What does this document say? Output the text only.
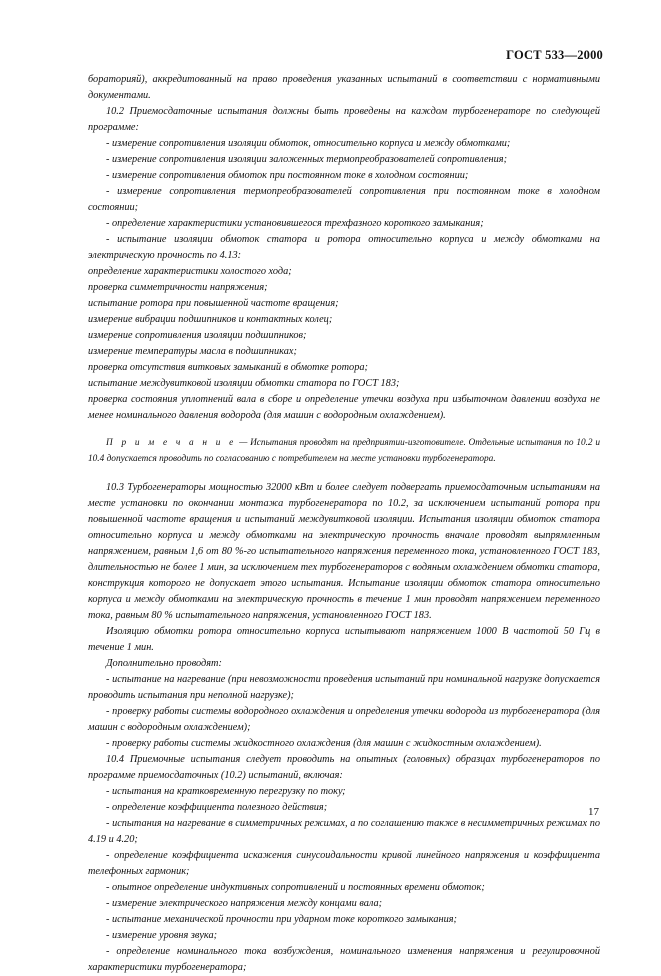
ГОСТ 533—2000

бораторияй), аккредитованный на право проведения указанных испытаний в соответствии с нормативными документами.

10.2 Приемосдаточные испытания должны быть проведены на каждом турбогенераторе по следующей программе:

- измерение сопротивления изоляции обмоток, относительно корпуса и между обмотками;

- измерение сопротивления изоляции заложенных термопреобразователей сопротивления;

- измерение сопротивления обмоток при постоянном токе в холодном состоянии;

- измерение сопротивления термопреобразователей сопротивления при постоянном токе в холодном состоянии;

- определение характеристики установившегося трехфазного короткого замыкания;

- испытание изоляции обмоток статора и ротора относительно корпуса и между обмотками на электрическую прочность по 4.13:

определение характеристики холостого хода;

проверка симметричности напряжения;

испытание ротора при повышенной частоте вращения;

измерение вибрации подшипников и контактных колец;

измерение сопротивления изоляции подшипников;

измерение температуры масла в подшипниках;

проверка отсутствия витковых замыканий в обмотке ротора;

испытание междувитковой изоляции обмотки статора по ГОСТ 183;

проверка состояния уплотнений вала в сборе и определение утечки воздуха при избыточном давлении воздуха не менее номинального давления водорода (для машин с водородным охлаждением).

П р и м е ч а н и е — Испытания проводят на предприятии-изготовителе. Отдельные испытания по 10.2 и 10.4 допускается проводить по согласованию с потребителем на месте установки турбогенератора.

10.3 Турбогенераторы мощностью 32000 кВт и более следует подвергать приемосдаточным испытаниям на месте установки по окончании монтажа турбогенератора по 10.2, за исключением испытаний ротора при повышенной частоте вращения и испытаний междувитковой изоляции. Испытания изоляции обмоток статора относительно корпуса и между обмотками на электрическую прочность вначале проводят выпрямленным напряжением, равным 1,6 от 80 %-го испытательного напряжения переменного тока, установленного ГОСТ 183, длительностью не более 1 мин, за исключением тех турбогенераторов с водяным охлаждением обмотки статора, конструкция которого не допускает этого испытания. Испытание изоляции обмоток статора относительно корпуса и между обмотками на электрическую прочность в течение 1 мин проводят напряжением переменного тока, равным 80 % испытательного напряжения, установленного ГОСТ 183.

Изоляцию обмотки ротора относительно корпуса испытывают напряжением 1000 В частотой 50 Гц в течение 1 мин.

Дополнительно проводят:

- испытание на нагревание (при невозможности проведения испытаний при номинальной нагрузке допускается проводить испытания при неполной нагрузке);

- проверку работы системы водородного охлаждения и определения утечки водорода из турбогенератора (для машин с водородным охлаждением);

- проверку работы системы жидкостного охлаждения (для машин с жидкостным охлаждением).

10.4 Приемочные испытания следует проводить на опытных (головных) образцах турбогенераторов по программе приемосдаточных (10.2) испытаний, включая:

- испытания на кратковременную перегрузку по току;

- определение коэффициента полезного действия;

- испытания на нагревание в симметричных режимах, а по соглашению также в несимметричных режимах по 4.19 и 4.20;

- определение коэффициента искажения синусоидальности кривой линейного напряжения и коэффициента телефонных гармоник;

- опытное определение индуктивных сопротивлений и постоянных времени обмоток;

- измерение электрического напряжения между концами вала;

- испытание механической прочности при ударном токе короткого замыкания;

- измерение уровня звука;

- определение номинального тока возбуждения, номинального изменения напряжения и регулировочной характеристики турбогенератора;

17
